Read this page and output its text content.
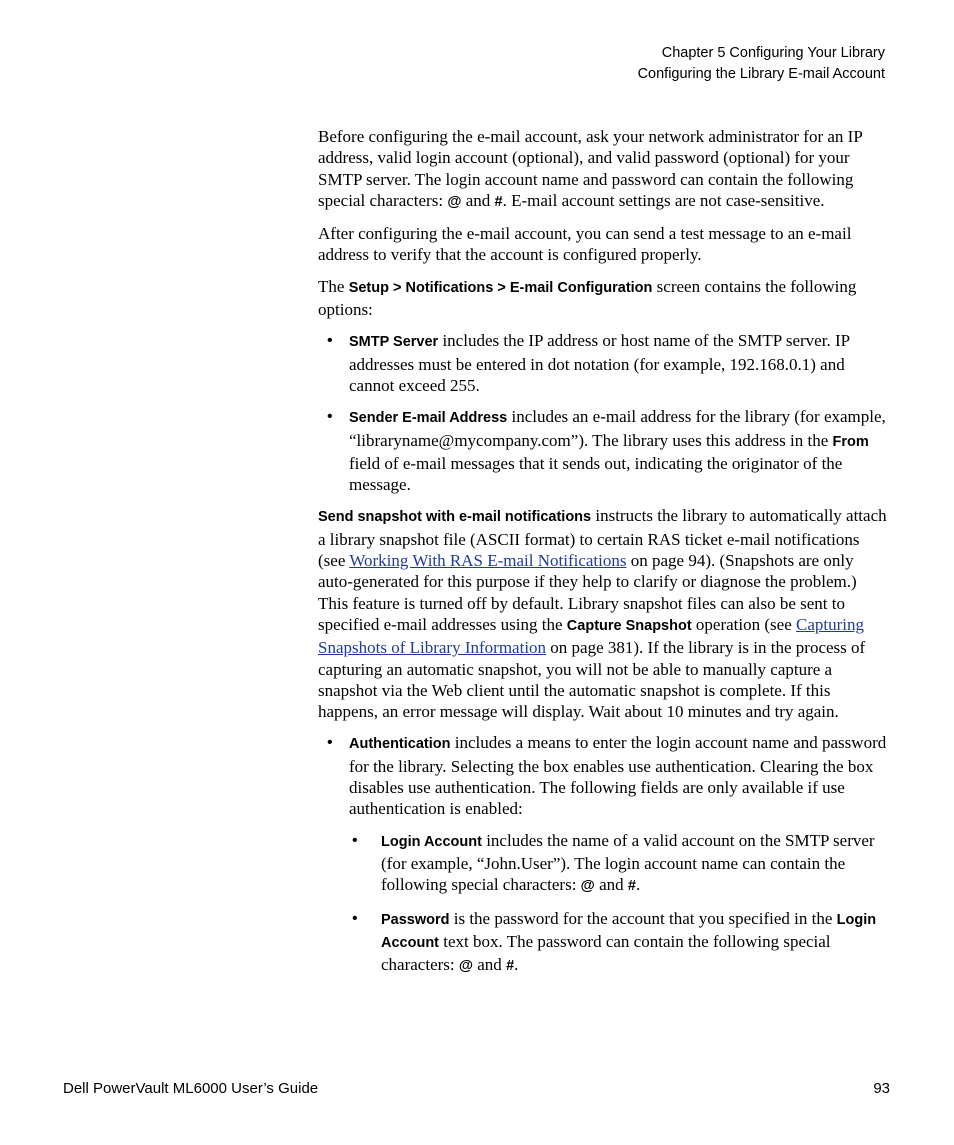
Chapter 5 Configuring Your Library
Configuring the Library E-mail Account

Before configuring the e-mail account, ask your network administrator for an IP address, valid login account (optional), and valid password (optional) for your SMTP server. The login account name and password can contain the following special characters: @ and #. E-mail account settings are not case-sensitive.

After configuring the e-mail account, you can send a test message to an e-mail address to verify that the account is configured properly.

The Setup > Notifications > E-mail Configuration screen contains the following options:

• SMTP Server includes the IP address or host name of the SMTP server. IP addresses must be entered in dot notation (for example, 192.168.0.1) and cannot exceed 255.
• Sender E-mail Address includes an e-mail address for the library (for example, “libraryname@mycompany.com”). The library uses this address in the From field of e-mail messages that it sends out, indicating the originator of the message.

Send snapshot with e-mail notifications instructs the library to automatically attach a library snapshot file (ASCII format) to certain RAS ticket e-mail notifications (see Working With RAS E-mail Notifications on page 94). (Snapshots are only auto-generated for this purpose if they help to clarify or diagnose the problem.) This feature is turned off by default. Library snapshot files can also be sent to specified e-mail addresses using the Capture Snapshot operation (see Capturing Snapshots of Library Information on page 381). If the library is in the process of capturing an automatic snapshot, you will not be able to manually capture a snapshot via the Web client until the automatic snapshot is complete. If this happens, an error message will display. Wait about 10 minutes and try again.

• Authentication includes a means to enter the login account name and password for the library. Selecting the box enables use authentication. Clearing the box disables use authentication. The following fields are only available if use authentication is enabled:
• Login Account includes the name of a valid account on the SMTP server (for example, “John.User”). The login account name can contain the following special characters: @ and #.
• Password is the password for the account that you specified in the Login Account text box. The password can contain the following special characters: @ and #.
Dell PowerVault ML6000 User’s Guide	93
